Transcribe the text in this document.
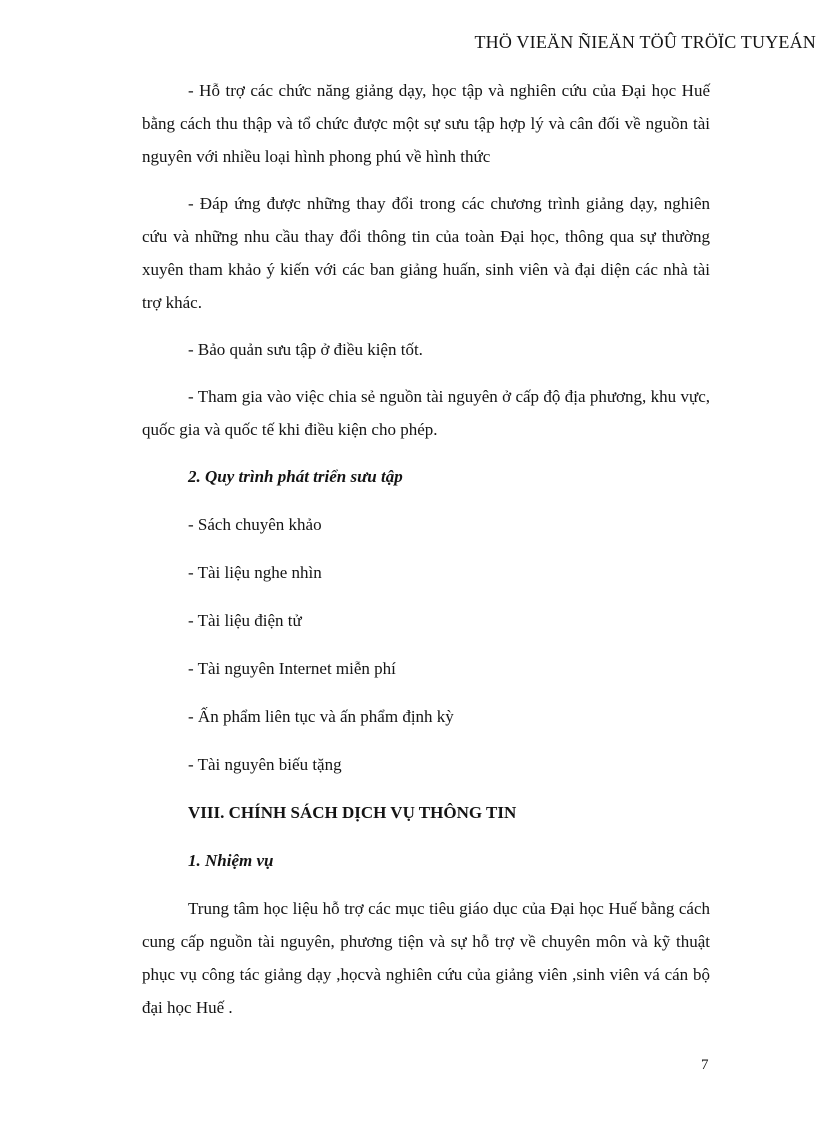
THÖ VIEÄN ÑIEÄN TÖÛ TRÖÏC TUYEÁN

- Hỗ trợ các chức năng giảng dạy, học tập và nghiên cứu của Đại học Huế bằng cách thu thập và tổ chức được một sự sưu tập hợp lý và cân đối về nguồn tài nguyên với nhiều loại hình phong phú về hình thức

- Đáp ứng được những thay đổi trong các chương trình giảng dạy, nghiên cứu và những nhu cầu thay đổi thông tin của toàn Đại học, thông qua sự thường xuyên tham khảo ý kiến với các ban giảng huấn, sinh viên và đại diện các nhà tài trợ khác.

- Bảo quản sưu tập ở điều kiện tốt.

- Tham gia vào việc chia sẻ nguồn tài nguyên ở cấp độ địa phương, khu vực, quốc gia và quốc tế khi điều kiện cho phép.

2. Quy trình phát triển sưu tập
- Sách chuyên khảo
- Tài liệu nghe nhìn
- Tài liệu điện tử
- Tài nguyên Internet miễn phí
- Ấn phẩm liên tục và ấn phẩm định kỳ
- Tài nguyên biếu tặng
VIII. CHÍNH SÁCH DỊCH VỤ THÔNG TIN
1. Nhiệm vụ

Trung tâm học liệu hỗ trợ các mục tiêu giáo dục của Đại học Huế bằng cách cung cấp nguồn tài nguyên, phương tiện và sự hỗ trợ về chuyên môn và kỹ thuật phục vụ công tác giảng dạy ,họcvà nghiên cứu của giảng viên ,sinh viên vá cán bộ đại học Huế .

7
